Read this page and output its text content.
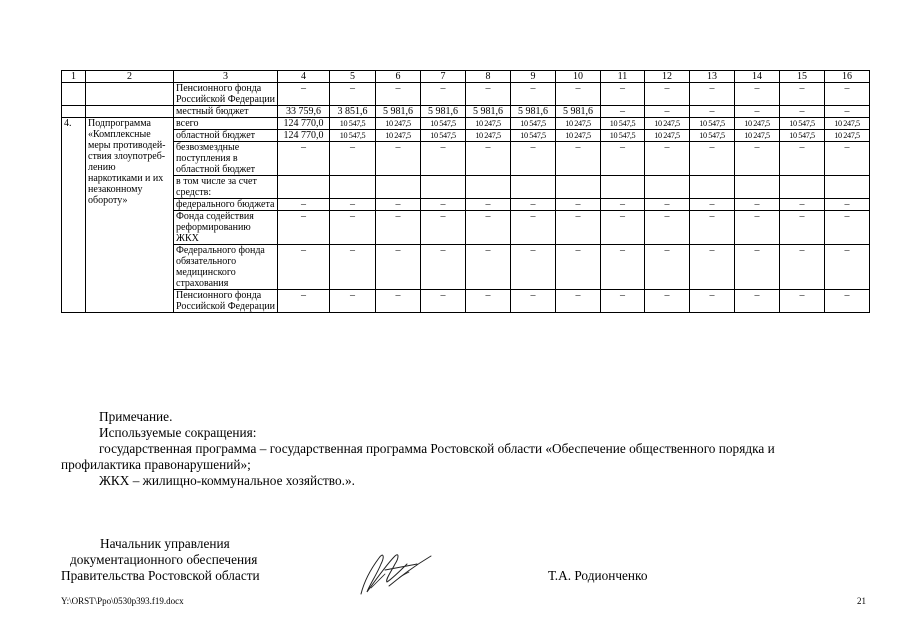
1	2	3	4	5	6	7	8	9	10	11	12	13	14	15	16
		Пенсионного фонда Российской Федерации	–	–	–	–	–	–	–	–	–	–	–	–	–
		местный бюджет	33 759,6	3 851,6	5 981,6	5 981,6	5 981,6	5 981,6	5 981,6	–	–	–	–	–	–
4.	Подпрограмма «Комплексные меры противодей-ствия злоупотреб-лению наркотиками и их незаконному обороту»	всего	124 770,0	10 547,5	10 247,5	10 547,5	10 247,5	10 547,5	10 247,5	10 547,5	10 247,5	10 547,5	10 247,5	10 547,5	10 247,5
		областной бюджет	124 770,0	10 547,5	10 247,5	10 547,5	10 247,5	10 547,5	10 247,5	10 547,5	10 247,5	10 547,5	10 247,5	10 547,5	10 247,5
		безвозмездные поступления в областной бюджет	–	–	–	–	–	–	–	–	–	–	–	–	–
		в том числе за счет средств:													
		федерального бюджета	–	–	–	–	–	–	–	–	–	–	–	–	–
		Фонда содействия реформированию ЖКХ	–	–	–	–	–	–	–	–	–	–	–	–	–
		Федерального фонда обязательного медицинского страхования	–	–	–	–	–	–	–	–	–	–	–	–	–
		Пенсионного фонда Российской Федерации	–	–	–	–	–	–	–	–	–	–	–	–	–
Примечание.
Используемые сокращения:
государственная программа – государственная программа Ростовской области «Обеспечение общественного порядка и
профилактика правонарушений»;
ЖКХ – жилищно-коммунальное хозяйство.».
Начальник управления
документационного обеспечения
Правительства Ростовской области	Т.А. Родионченко
Y:\ORST\Ppo\0530p393.f19.docx	21
